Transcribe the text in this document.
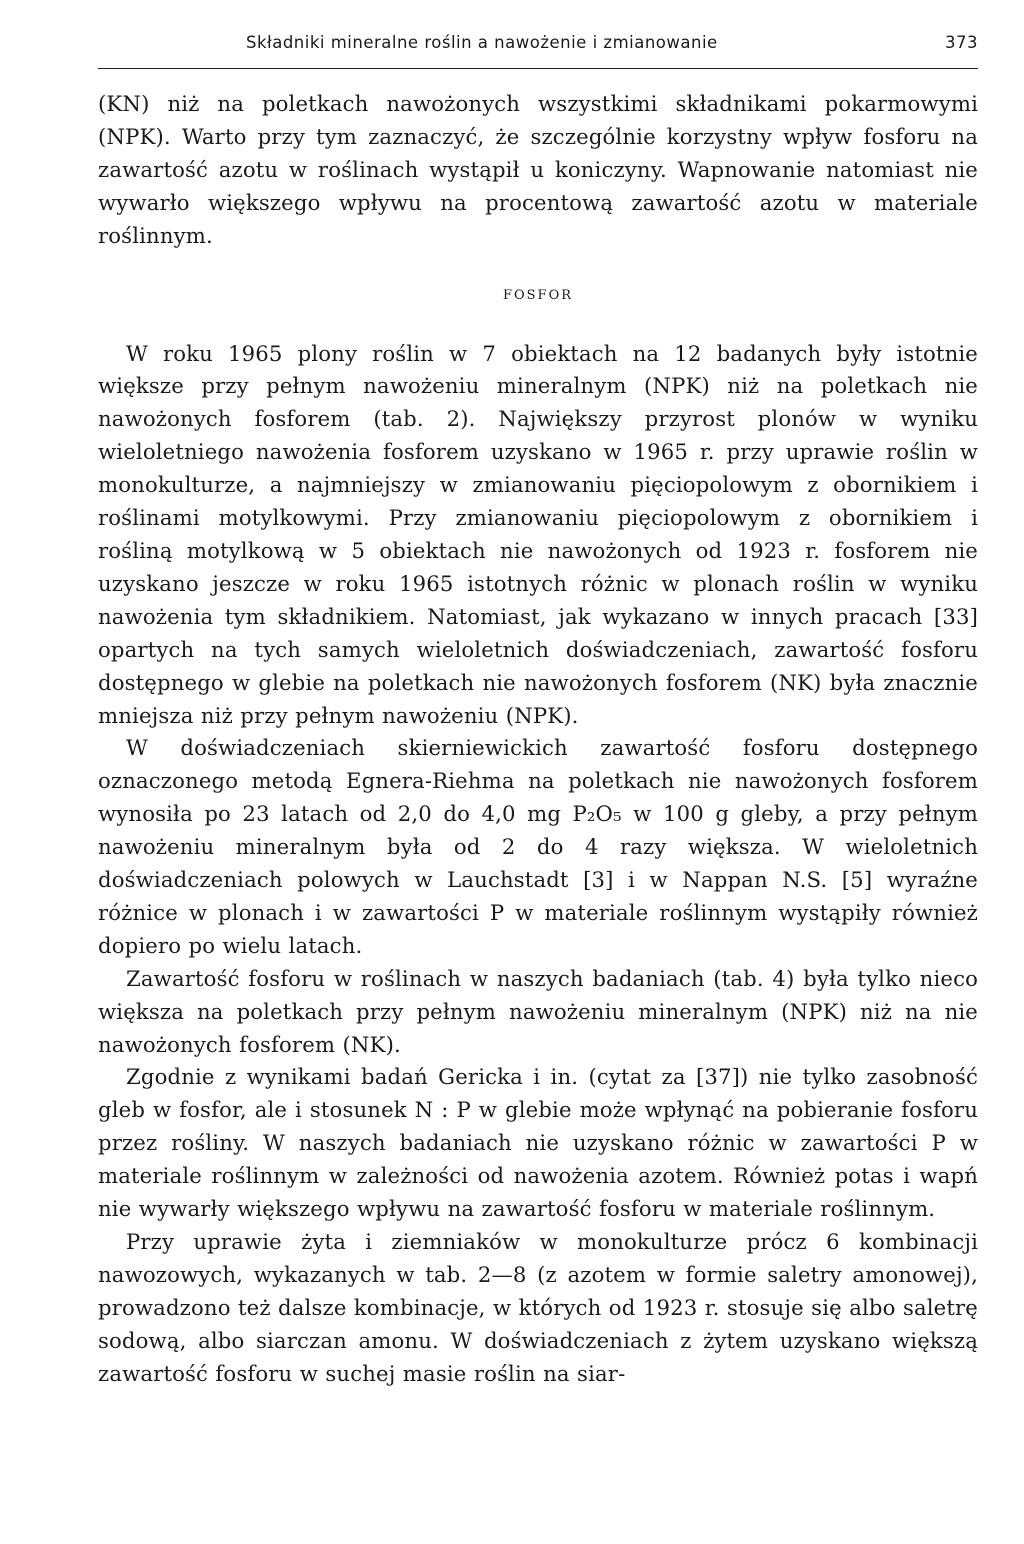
Składniki mineralne roślin a nawożenie i zmianowanie	373

(KN) niż na poletkach nawożonych wszystkimi składnikami pokarmowymi (NPK). Warto przy tym zaznaczyć, że szczególnie korzystny wpływ fosforu na zawartość azotu w roślinach wystąpił u koniczyny. Wapnowanie natomiast nie wywarło większego wpływu na procentową zawartość azotu w materiale roślinnym.

FOSFOR

W roku 1965 plony roślin w 7 obiektach na 12 badanych były istotnie większe przy pełnym nawożeniu mineralnym (NPK) niż na poletkach nie nawożonych fosforem (tab. 2). Największy przyrost plonów w wyniku wieloletniego nawożenia fosforem uzyskano w 1965 r. przy uprawie roślin w monokulturze, a najmniejszy w zmianowaniu pięciopolowym z obornikiem i roślinami motylkowymi. Przy zmianowaniu pięciopolowym z obornikiem i rośliną motylkową w 5 obiektach nie nawożonych od 1923 r. fosforem nie uzyskano jeszcze w roku 1965 istotnych różnic w plonach roślin w wyniku nawożenia tym składnikiem. Natomiast, jak wykazano w innych pracach [33] opartych na tych samych wieloletnich doświadczeniach, zawartość fosforu dostępnego w glebie na poletkach nie nawożonych fosforem (NK) była znacznie mniejsza niż przy pełnym nawożeniu (NPK).

W doświadczeniach skierniewickich zawartość fosforu dostępnego oznaczonego metodą Egnera-Riehma na poletkach nie nawożonych fosforem wynosiła po 23 latach od 2,0 do 4,0 mg P₂O₅ w 100 g gleby, a przy pełnym nawożeniu mineralnym była od 2 do 4 razy większa. W wieloletnich doświadczeniach polowych w Lauchstadt [3] i w Nappan N.S. [5] wyraźne różnice w plonach i w zawartości P w materiale roślinnym wystąpiły również dopiero po wielu latach.

Zawartość fosforu w roślinach w naszych badaniach (tab. 4) była tylko nieco większa na poletkach przy pełnym nawożeniu mineralnym (NPK) niż na nie nawożonych fosforem (NK).

Zgodnie z wynikami badań Gericka i in. (cytat za [37]) nie tylko zasobność gleb w fosfor, ale i stosunek N : P w glebie może wpłynąć na pobieranie fosforu przez rośliny. W naszych badaniach nie uzyskano różnic w zawartości P w materiale roślinnym w zależności od nawożenia azotem. Również potas i wapń nie wywarły większego wpływu na zawartość fosforu w materiale roślinnym.

Przy uprawie żyta i ziemniaków w monokulturze prócz 6 kombinacji nawozowych, wykazanych w tab. 2—8 (z azotem w formie saletry amonowej), prowadzono też dalsze kombinacje, w których od 1923 r. stosuje się albo saletrę sodową, albo siarczan amonu. W doświadczeniach z żytem uzyskano większą zawartość fosforu w suchej masie roślin na siar-
